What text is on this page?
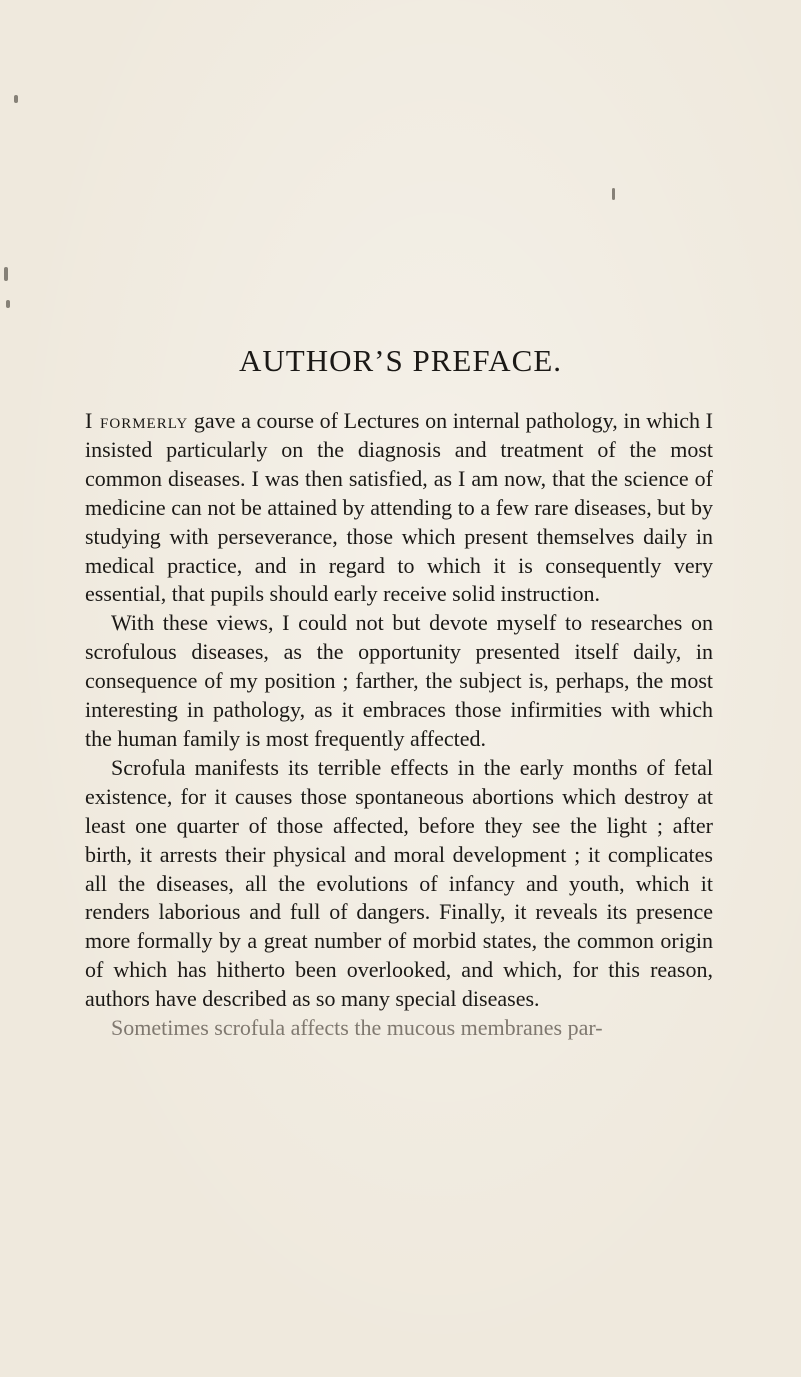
AUTHOR’S PREFACE.

I formerly gave a course of Lectures on internal pathology, in which I insisted particularly on the diagnosis and treatment of the most common diseases. I was then satisfied, as I am now, that the science of medicine can not be attained by attending to a few rare diseases, but by studying with perseverance, those which present themselves daily in medical practice, and in regard to which it is consequently very essential, that pupils should early receive solid instruction.

With these views, I could not but devote myself to researches on scrofulous diseases, as the opportunity presented itself daily, in consequence of my position ; farther, the subject is, perhaps, the most interesting in pathology, as it embraces those infirmities with which the human family is most frequently affected.

Scrofula manifests its terrible effects in the early months of fetal existence, for it causes those spontaneous abortions which destroy at least one quarter of those affected, before they see the light ; after birth, it arrests their physical and moral development ; it complicates all the diseases, all the evolutions of infancy and youth, which it renders laborious and full of dangers. Finally, it reveals its presence more formally by a great number of morbid states, the common origin of which has hitherto been overlooked, and which, for this reason, authors have described as so many special diseases.

Sometimes scrofula affects the mucous membranes par-
